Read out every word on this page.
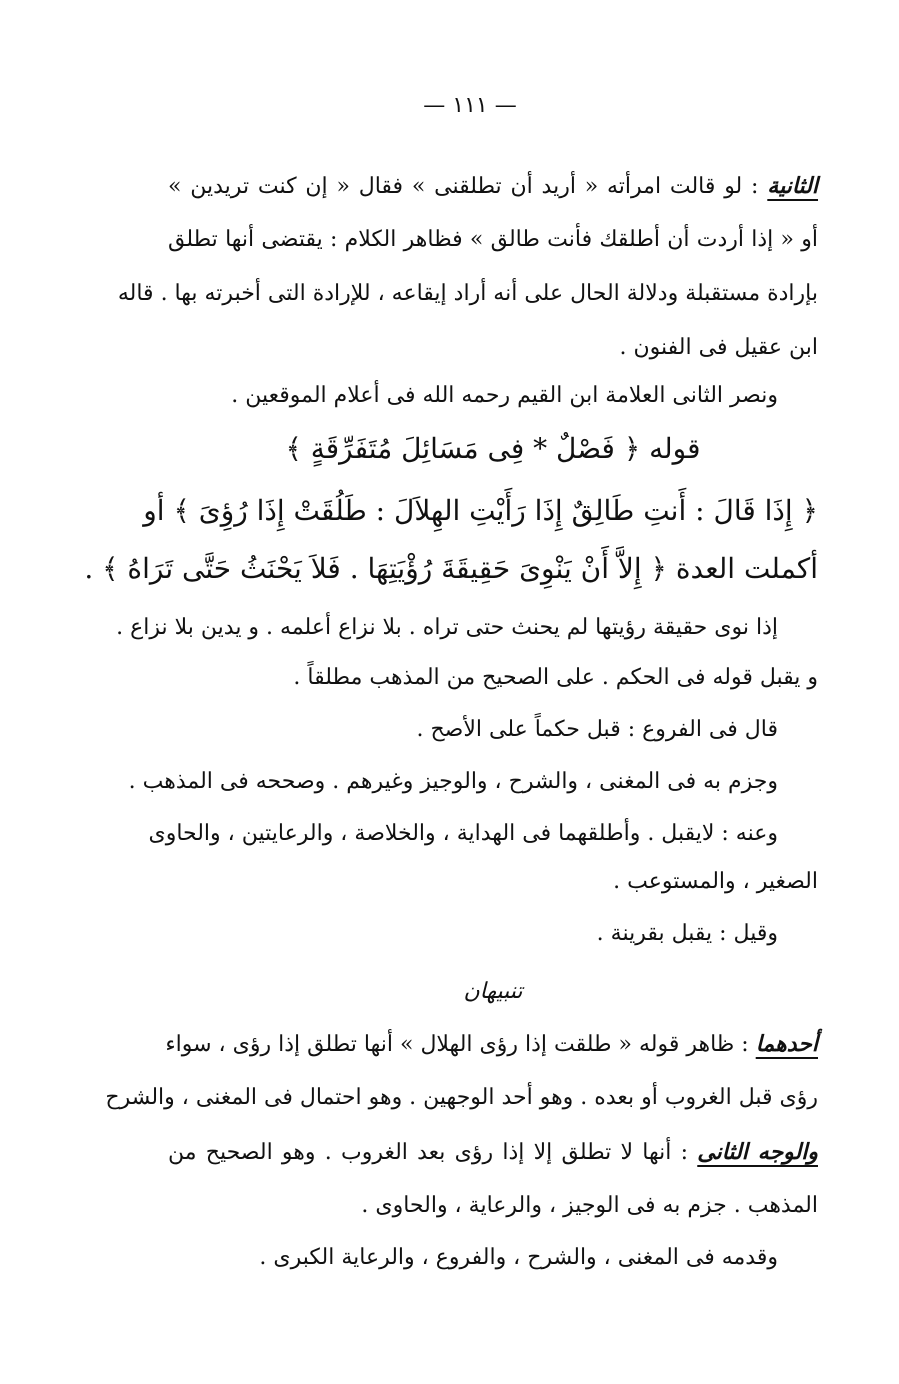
— ١١١ —
الثانية : لو قالت امرأته « أريد أن تطلقنى » فقال « إن كنت تريدين »
أو « إذا أردت أن أطلقك فأنت طالق » فظاهر الكلام : يقتضى أنها تطلق
بإرادة مستقبلة ودلالة الحال على أنه أراد إيقاعه ، للإرادة التى أخبرته بها . قاله
ابن عقيل فى الفنون .
ونصر الثانى العلامة ابن القيم رحمه الله فى أعلام الموقعين .
قوله ﴿ فَصْلٌ * فِى مَسَائِلَ مُتَفَرِّقَةٍ ﴾
﴿ إِذَا قَالَ : أَنتِ طَالِقٌ إِذَا رَأَيْتِ الهِلاَلَ : طَلُقَتْ إِذَا رُؤِىَ ﴾ أو
أكملت العدة ﴿ إِلاَّ أَنْ يَنْوِىَ حَقِيقَةَ رُؤْيَتِهَا . فَلاَ يَحْنَثُ حَتَّى تَرَاهُ ﴾ .
إذا نوى حقيقة رؤيتها لم يحنث حتى تراه . بلا نزاع أعلمه . و يدين بلا نزاع .
و يقبل قوله فى الحكم . على الصحيح من المذهب مطلقاً .
قال فى الفروع : قبل حكماً على الأصح .
وجزم به فى المغنى ، والشرح ، والوجيز وغيرهم . وصححه فى المذهب .
وعنه : لايقبل . وأطلقهما فى الهداية ، والخلاصة ، والرعايتين ، والحاوى
الصغير ، والمستوعب .
وقيل : يقبل بقرينة .
تنبيهان
أحدهما : ظاهر قوله « طلقت إذا رؤى الهلال » أنها تطلق إذا رؤى ، سواء
رؤى قبل الغروب أو بعده . وهو أحد الوجهين . وهو احتمال فى المغنى ، والشرح
والوجه الثانى : أنها لا تطلق إلا إذا رؤى بعد الغروب . وهو الصحيح من
المذهب . جزم به فى الوجيز ، والرعاية ، والحاوى .
وقدمه فى المغنى ، والشرح ، والفروع ، والرعاية الكبرى .
